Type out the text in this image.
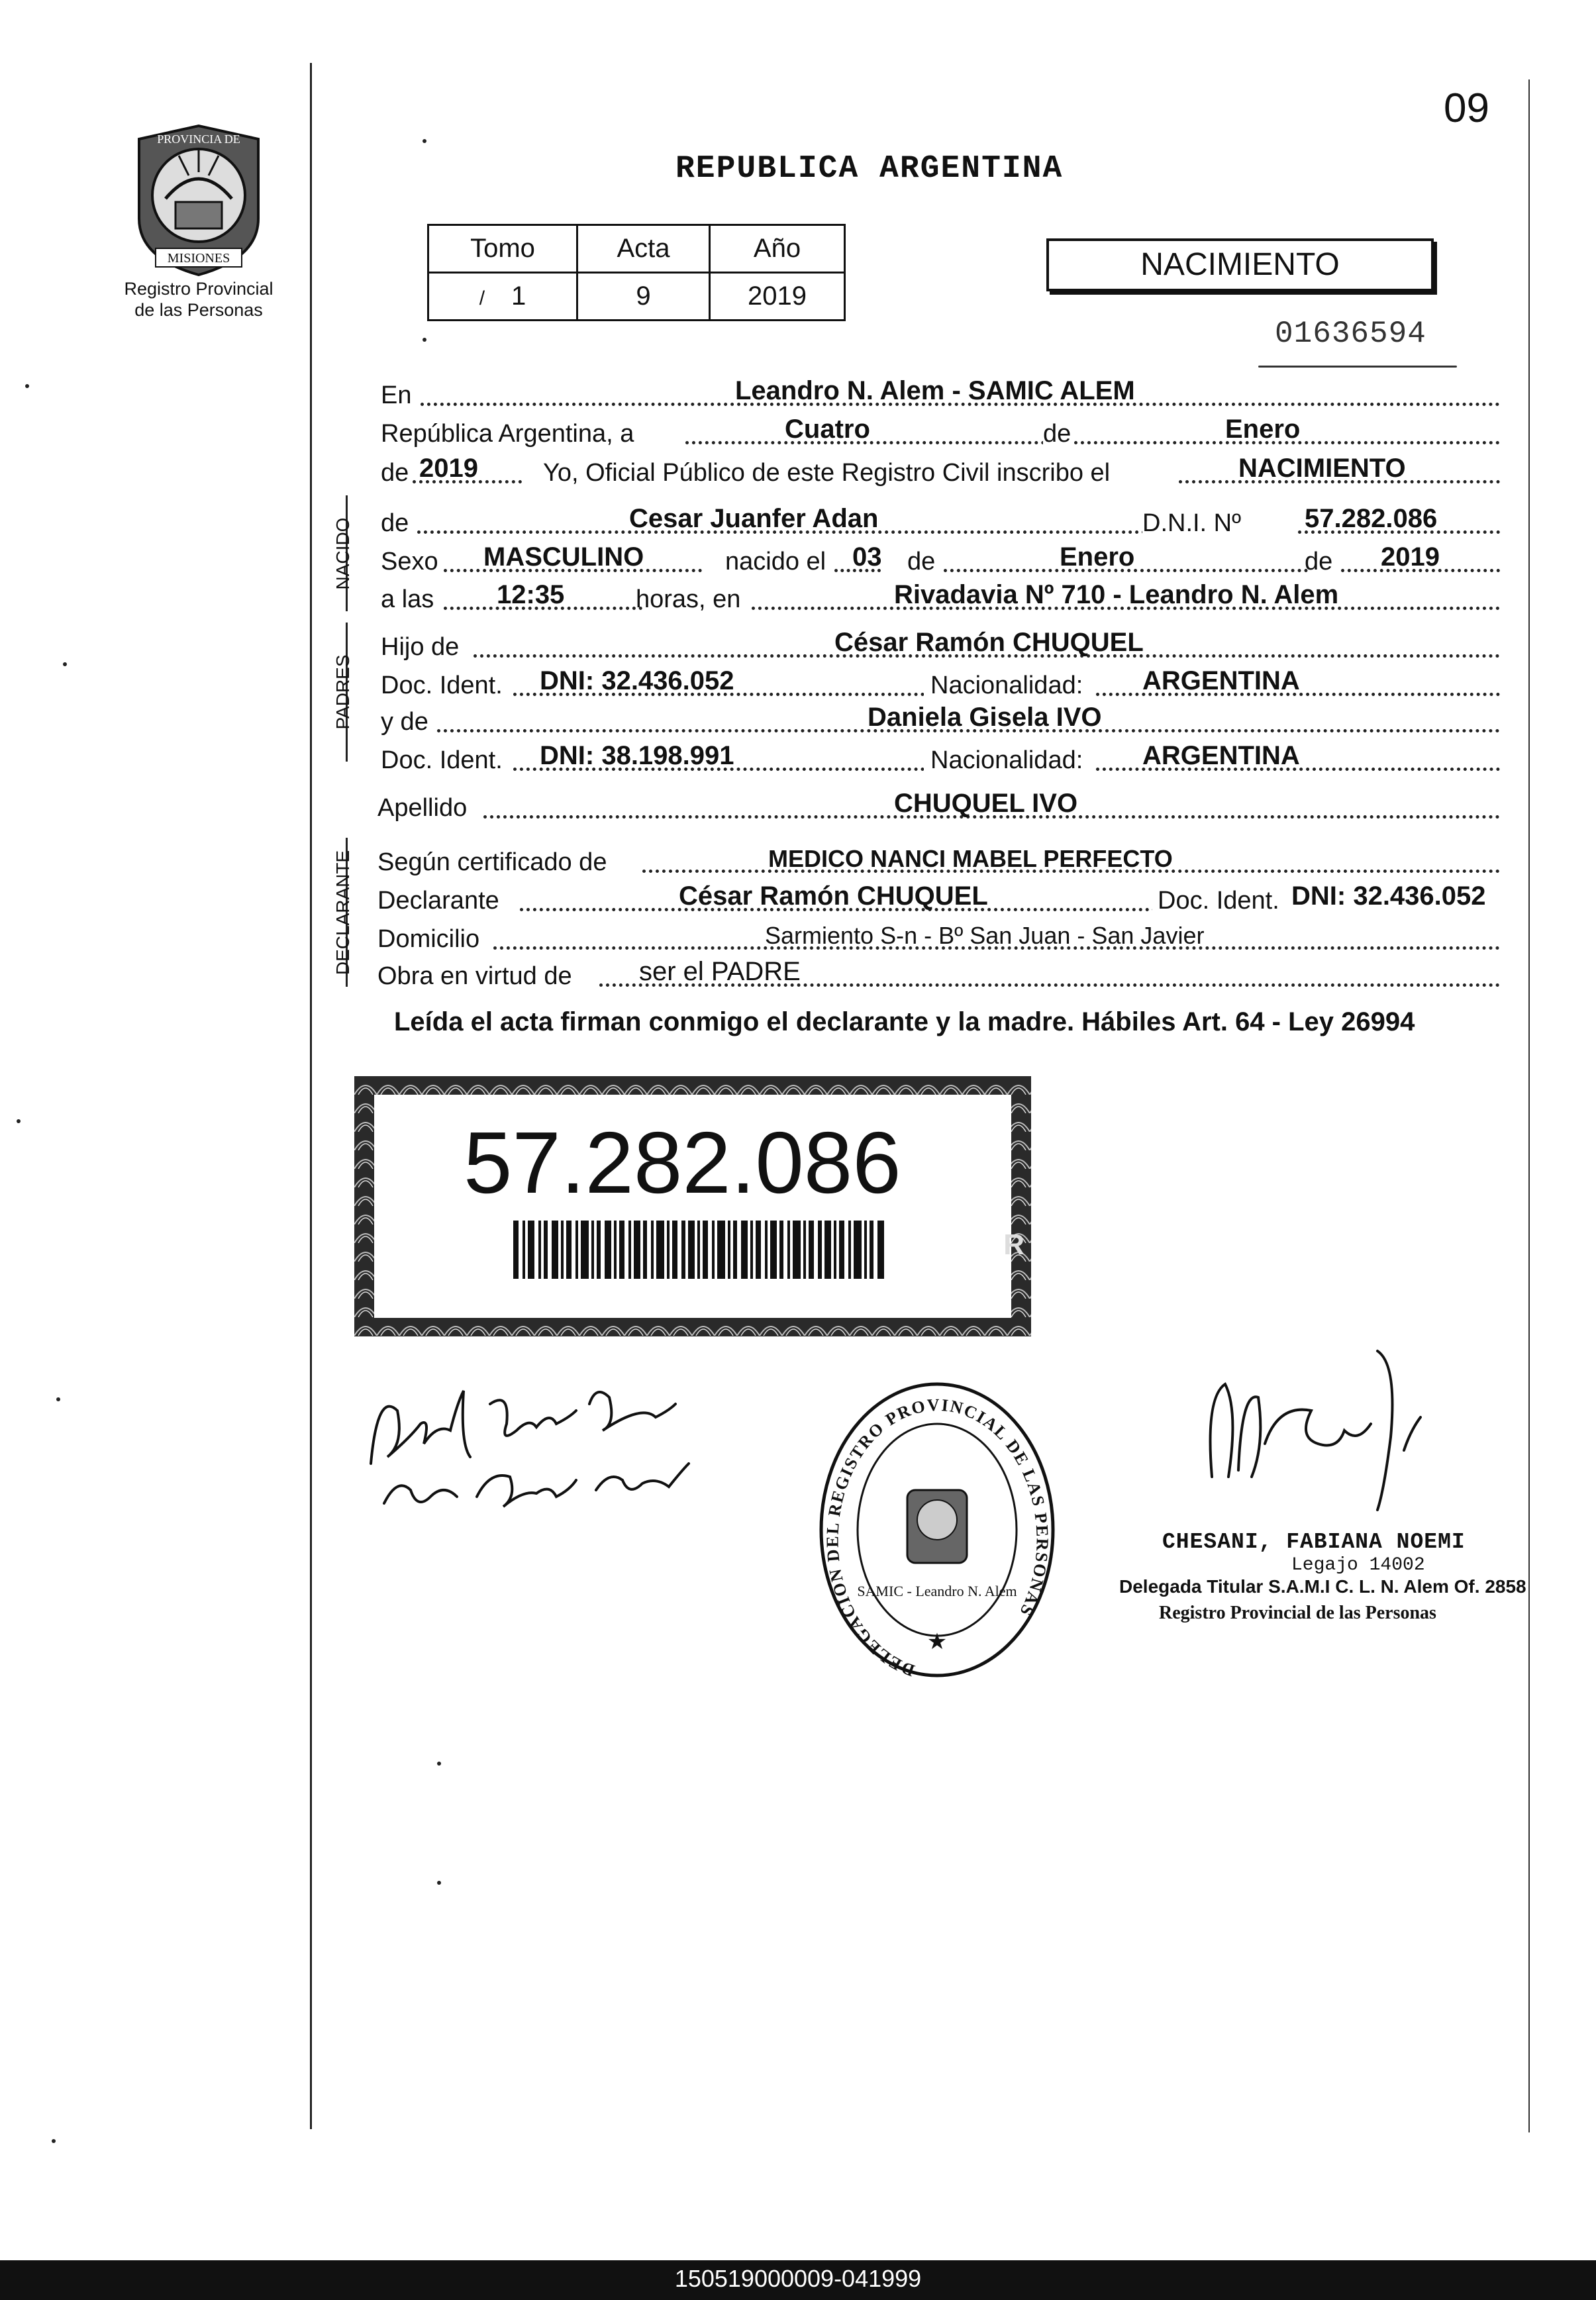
09
PROVINCIA DE
MISIONES
Registro Provincial
de las Personas
REPUBLICA ARGENTINA
Tomo	Acta	Año
/ 1	9	2019
NACIMIENTO
01636594
En	Leandro N. Alem - SAMIC ALEM
República Argentina, a	Cuatro	de	Enero
de 2019	Yo, Oficial Público de este Registro Civil inscribo el	NACIMIENTO
NACIDO de	Cesar Juanfer Adan	D.N.I. Nº 57.282.086
Sexo MASCULINO	nacido el 03 de	Enero	de 2019
a las 12:35	horas, en	Rivadavia Nº 710 - Leandro N. Alem
PADRES
Hijo de	César Ramón CHUQUEL
Doc. Ident. DNI: 32.436.052	Nacionalidad: ARGENTINA
y de	Daniela Gisela IVO
Doc. Ident. DNI: 38.198.991	Nacionalidad: ARGENTINA
Apellido	CHUQUEL IVO
DECLARANTE Según certificado de	MEDICO NANCI MABEL PERFECTO
Declarante	César Ramón CHUQUEL	Doc. Ident. DNI: 32.436.052
Domicilio	Sarmiento S-n - Bº San Juan - San Javier
Obra en virtud de	ser el PADRE
Leída el acta firman conmigo el declarante y la madre. Hábiles Art. 64 - Ley 26994
R
57.282.086
DELEGACION DEL REGISTRO PROVINCIAL DE LAS PERSONAS
SAMIC - Leandro N. Alem
★
CHESANI, FABIANA NOEMI
Legajo 14002
Delegada Titular S.A.M.I C. L. N. Alem Of. 2858
Registro Provincial de las Personas
150519000009-041999
